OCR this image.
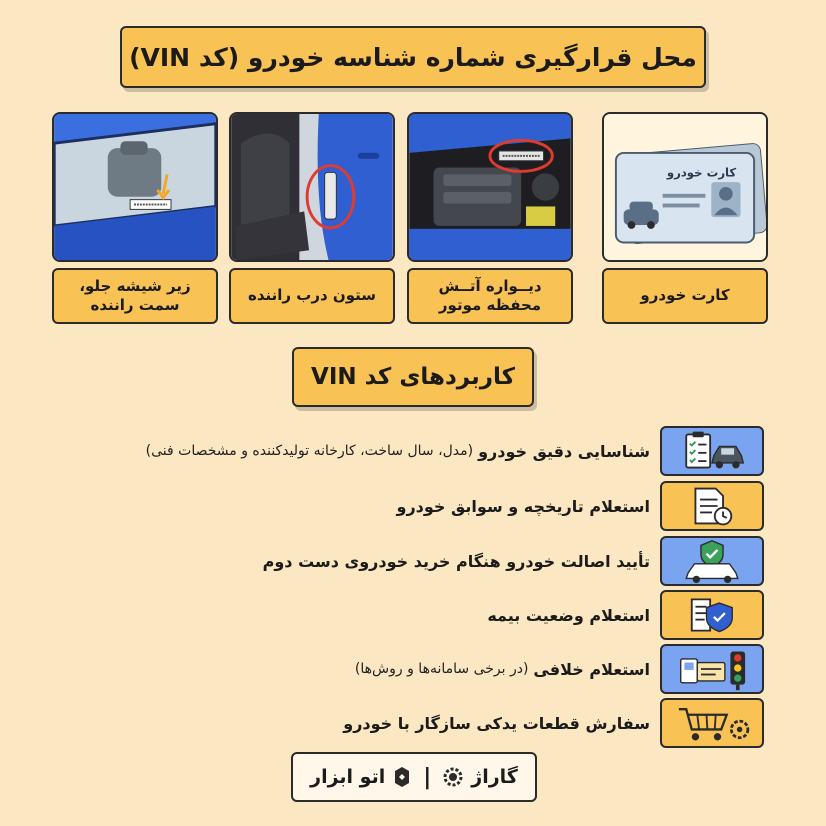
محل قرارگیری شماره شناسه خودرو (کد VIN)
کارت خودرو
زیر شیشه جلو، سمت راننده
ستون درب راننده
دیــواره آتــش محفظه موتور
کارت خودرو
کاربردهای کد VIN
شناسایی دقیق خودرو
(مدل، سال ساخت، کارخانه تولیدکننده و مشخصات فنی)
استعلام تاریخچه و سوابق خودرو
تأیید اصالت خودرو هنگام خرید خودروی دست دوم
استعلام وضعیت بیمه
استعلام خلافی
(در برخی سامانه‌ها و روش‌ها)
سفارش قطعات یدکی سازگار با خودرو
اتو ابزار | گاراژ
